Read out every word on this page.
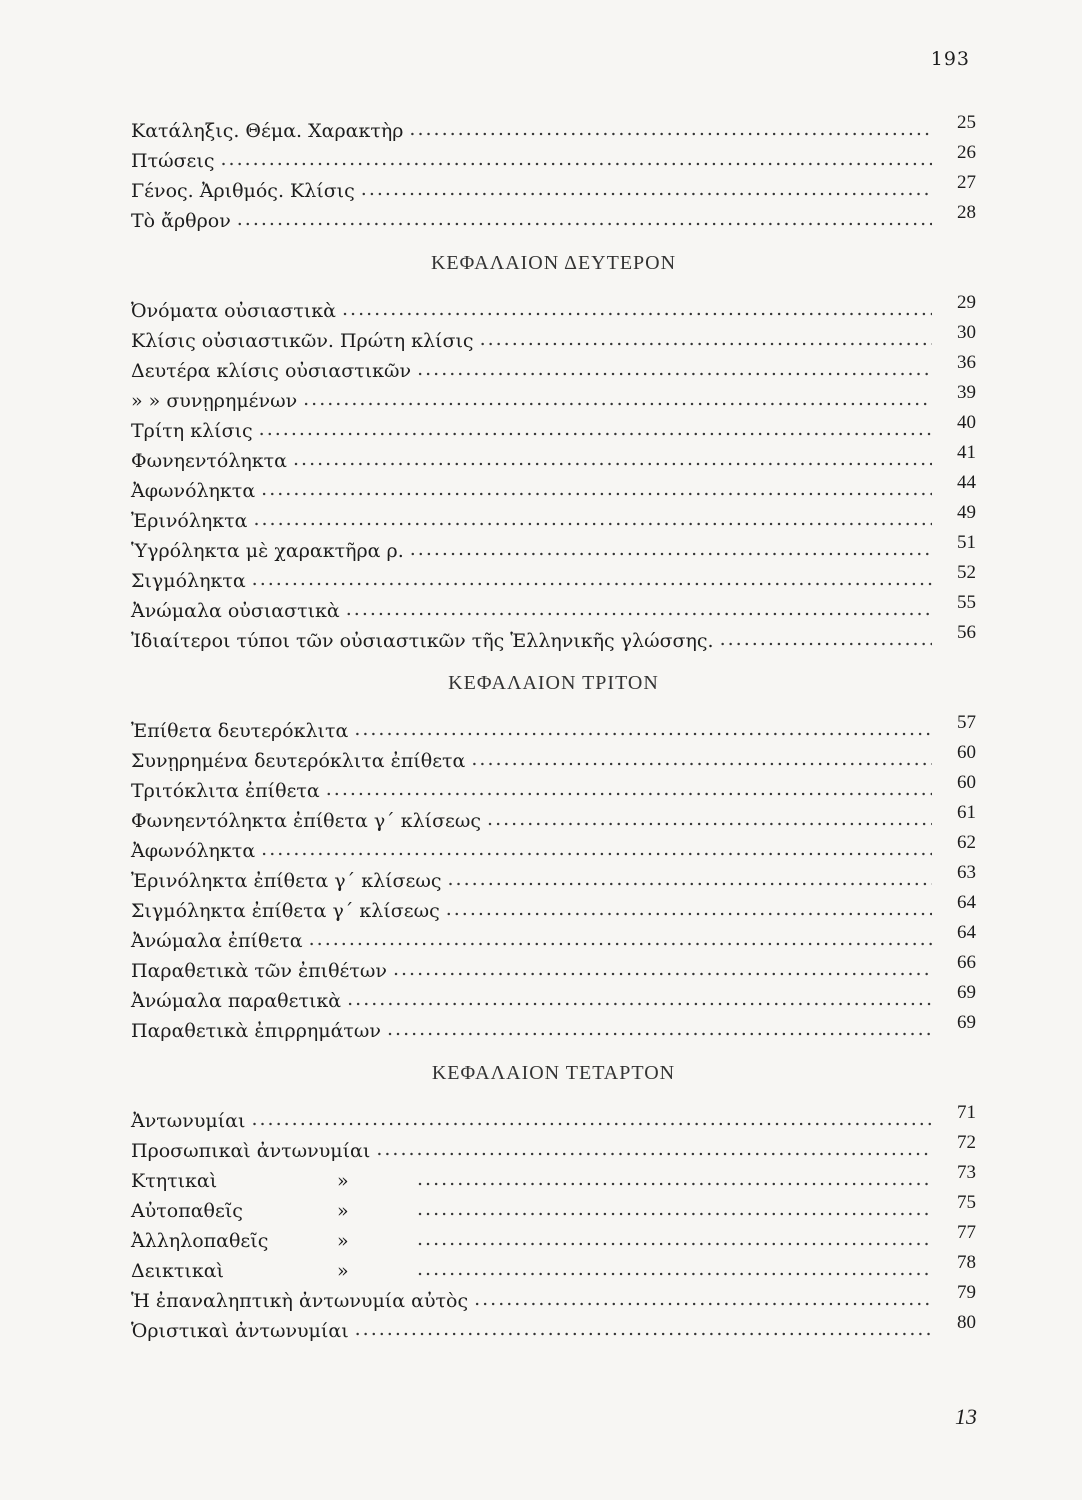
193
Κατάληξις. Θέμα. Χαρακτὴρ .....	25
Πτώσεις .....	26
Γένος. Ἀριθμός. Κλίσις .....	27
Τὸ ἄρθρον .....	28
ΚΕΦΑΛΑΙΟΝ ΔΕΥΤΕΡΟΝ
Ὀνόματα οὐσιαστικὰ .....	29
Κλίσις οὐσιαστικῶν. Πρώτη κλίσις .....	30
Δευτέρα κλίσις οὐσιαστικῶν .....	36
» » συνῃρημένων .....	39
Τρίτη κλίσις .....	40
Φωνηεντόληκτα .....	41
Ἀφωνόληκτα .....	44
Ἐρινόληκτα .....	49
Ὑγρόληκτα μὲ χαρακτῆρα ρ. .....	51
Σιγμόληκτα .....	52
Ἀνώμαλα οὐσιαστικὰ .....	55
Ἰδιαίτεροι τύποι τῶν οὐσιαστικῶν τῆς Ἑλληνικῆς γλώσσης. .....	56
ΚΕΦΑΛΑΙΟΝ ΤΡΙΤΟΝ
Ἐπίθετα δευτερόκλιτα .....	57
Συνῃρημένα δευτερόκλιτα ἐπίθετα .....	60
Τριτόκλιτα ἐπίθετα .....	60
Φωνηεντόληκτα ἐπίθετα γ΄ κλίσεως .....	61
Ἀφωνόληκτα .....	62
Ἐρινόληκτα ἐπίθετα γ΄ κλίσεως .....	63
Σιγμόληκτα ἐπίθετα γ΄ κλίσεως .....	64
Ἀνώμαλα ἐπίθετα .....	64
Παραθετικὰ τῶν ἐπιθέτων .....	66
Ἀνώμαλα παραθετικὰ .....	69
Παραθετικὰ ἐπιρρημάτων .....	69
ΚΕΦΑΛΑΙΟΝ ΤΕΤΑΡΤΟΝ
Ἀντωνυμίαι .....	71
Προσωπικαὶ ἀντωνυμίαι .....	72
Κτητικαὶ	» .....	73
Αὐτοπαθεῖς	» .....	75
Ἀλληλοπαθεῖς	» .....	77
Δεικτικαὶ	» .....	78
Ἡ ἐπαναληπτικὴ ἀντωνυμία αὐτὸς .....	79
Ὁριστικαὶ ἀντωνυμίαι .....	80
13
